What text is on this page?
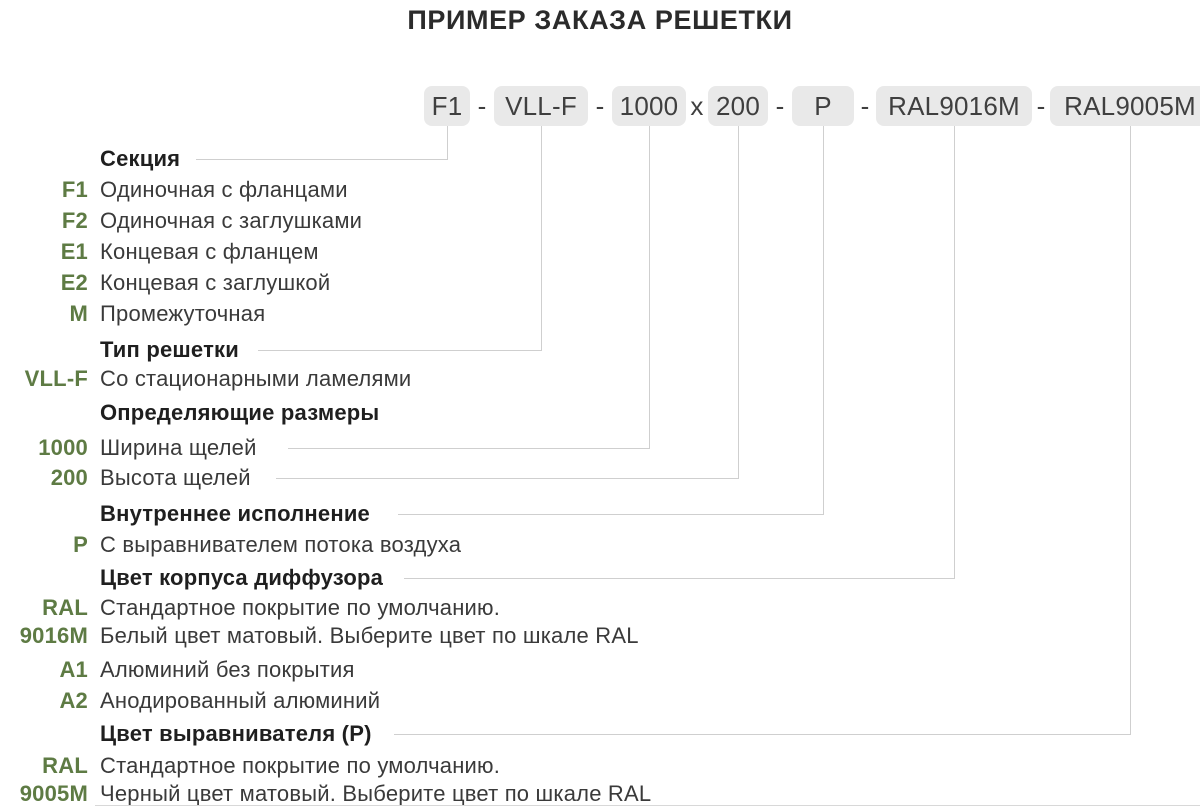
ПРИМЕР ЗАКАЗА РЕШЕТКИ
F1 - VLL-F - 1000 x 200 -	P	- RAL9016M - RAL9005M
Секция
F1 Одиночная с фланцами
F2 Одиночная с заглушками
E1 Концевая с фланцем
E2 Концевая с заглушкой
M Промежуточная
Тип решетки
VLL-F Со стационарными ламелями
Определяющие размеры
1000 Ширина щелей
200 Высота щелей
Внутреннее исполнение
P С выравнивателем потока воздуха
Цвет корпуса диффузора
RAL
9016M
Стандартное покрытие по умолчанию.
Белый цвет матовый. Выберите цвет по шкале RAL
A1 Алюминий без покрытия
A2 Анодированный алюминий
Цвет выравнивателя (P)
RAL
9005M
Стандартное покрытие по умолчанию.
Черный цвет матовый. Выберите цвет по шкале RAL
